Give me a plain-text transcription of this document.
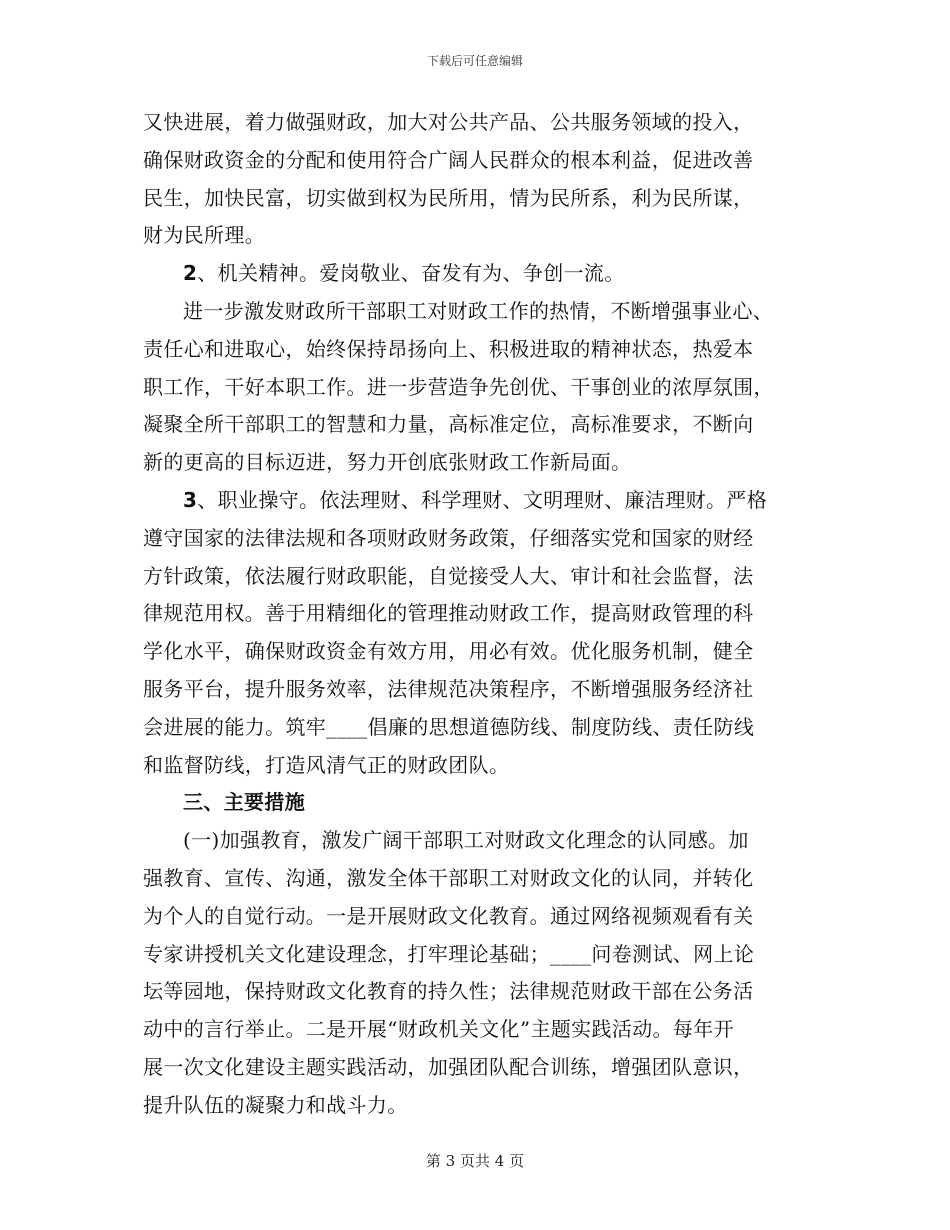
下载后可任意编辑
又快进展，着力做强财政，加大对公共产品、公共服务领域的投入，
确保财政资金的分配和使用符合广阔人民群众的根本利益，促进改善
民生，加快民富，切实做到权为民所用，情为民所系，利为民所谋，
财为民所理。
2、机关精神。爱岗敬业、奋发有为、争创一流。
进一步激发财政所干部职工对财政工作的热情，不断增强事业心、
责任心和进取心，始终保持昂扬向上、积极进取的精神状态，热爱本
职工作，干好本职工作。进一步营造争先创优、干事创业的浓厚氛围，
凝聚全所干部职工的智慧和力量，高标准定位，高标准要求，不断向
新的更高的目标迈进，努力开创底张财政工作新局面。
3、职业操守。依法理财、科学理财、文明理财、廉洁理财。严格
遵守国家的法律法规和各项财政财务政策，仔细落实党和国家的财经
方针政策，依法履行财政职能，自觉接受人大、审计和社会监督，法
律规范用权。善于用精细化的管理推动财政工作，提高财政管理的科
学化水平，确保财政资金有效方用，用必有效。优化服务机制，健全
服务平台，提升服务效率，法律规范决策程序，不断增强服务经济社
会进展的能力。筑牢____倡廉的思想道德防线、制度防线、责任防线
和监督防线，打造风清气正的财政团队。
三、主要措施
(一)加强教育，激发广阔干部职工对财政文化理念的认同感。加
强教育、宣传、沟通，激发全体干部职工对财政文化的认同，并转化
为个人的自觉行动。一是开展财政文化教育。通过网络视频观看有关
专家讲授机关文化建设理念，打牢理论基础；____问卷测试、网上论
坛等园地，保持财政文化教育的持久性；法律规范财政干部在公务活
动中的言行举止。二是开展“财政机关文化”主题实践活动。每年开
展一次文化建设主题实践活动，加强团队配合训练，增强团队意识，
提升队伍的凝聚力和战斗力。
第 3 页共 4 页
